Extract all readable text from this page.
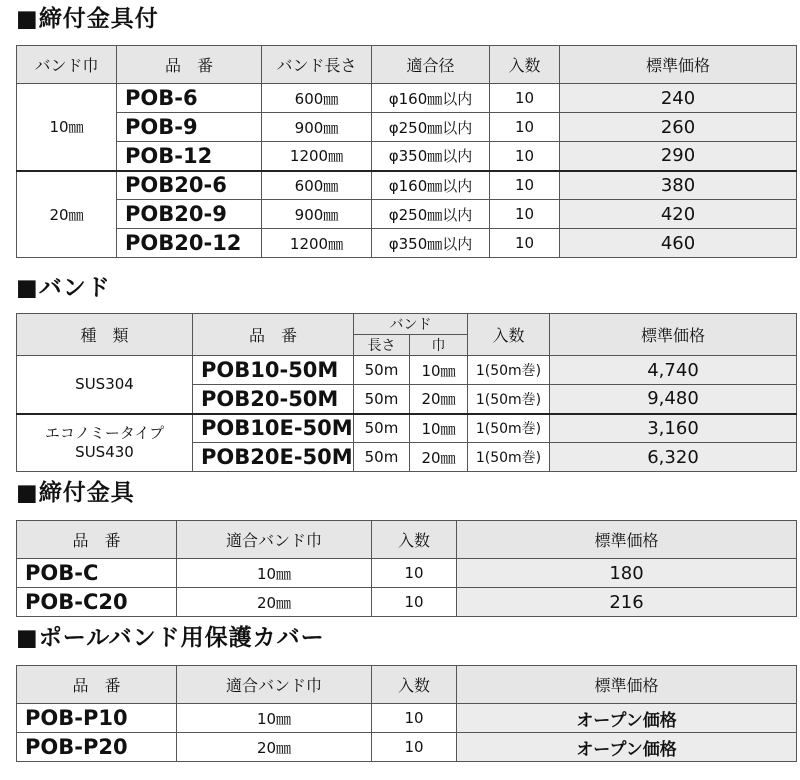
■締付金具付
バンド巾	品　番	バンド長さ	適合径	入数	標準価格
10㎜	POB-6	600㎜	φ160㎜以内	10	240
	POB-9	900㎜	φ250㎜以内	10	260
	POB-12	1200㎜	φ350㎜以内	10	290
20㎜	POB20-6	600㎜	φ160㎜以内	10	380
	POB20-9	900㎜	φ250㎜以内	10	420
	POB20-12	1200㎜	φ350㎜以内	10	460
■バンド
種　類	品　番	バンド		入数	標準価格
		長さ	巾		
SUS304	POB10-50M	50m	10㎜	1(50m巻)	4,740
	POB20-50M	50m	20㎜	1(50m巻)	9,480

エコノミータイプ
SUS430	POB10E-50M	50m	10㎜	1(50m巻)	3,160
	POB20E-50M	50m	20㎜	1(50m巻)	6,320
■締付金具
品　番	適合バンド巾	入数	標準価格
POB-C	10㎜	10	180
POB-C20	20㎜	10	216
■ポールバンド用保護カバー
品　番	適合バンド巾	入数	標準価格
POB-P10	10㎜	10	オープン価格
POB-P20	20㎜	10	オープン価格
